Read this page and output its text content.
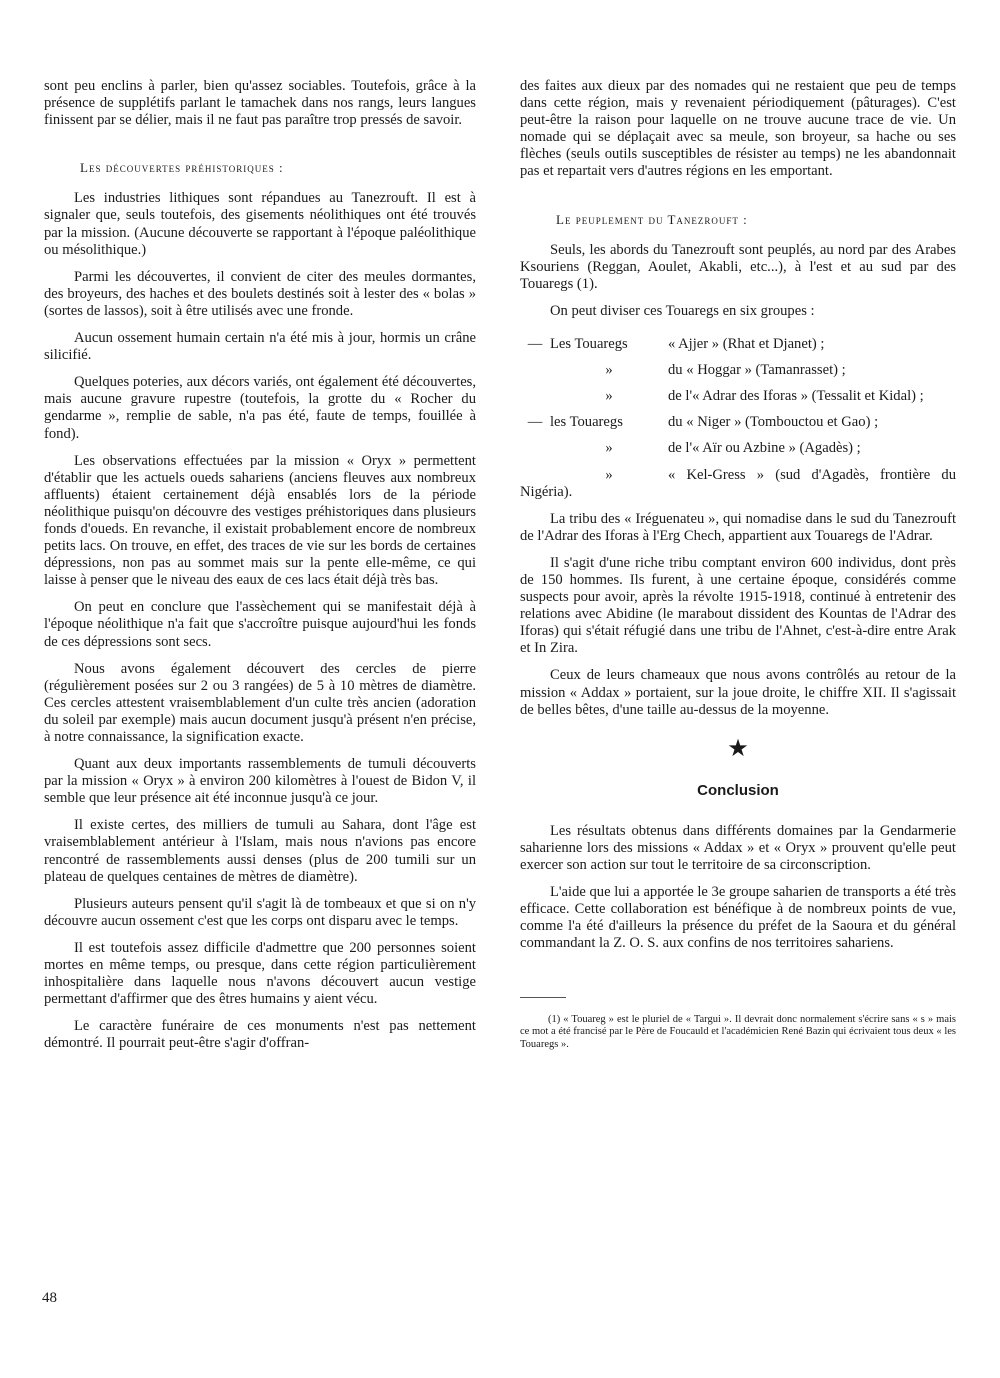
sont peu enclins à parler, bien qu'assez sociables. Toutefois, grâce à la présence de supplétifs parlant le tamachek dans nos rangs, leurs langues finissent par se délier, mais il ne faut pas paraître trop pressés de savoir.

Les découvertes préhistoriques :

Les industries lithiques sont répandues au Tanezrouft. Il est à signaler que, seuls toutefois, des gisements néolithiques ont été trouvés par la mission. (Aucune découverte se rapportant à l'époque paléolithique ou mésolithique.)

Parmi les découvertes, il convient de citer des meules dormantes, des broyeurs, des haches et des boulets destinés soit à lester des « bolas » (sortes de lassos), soit à être utilisés avec une fronde.

Aucun ossement humain certain n'a été mis à jour, hormis un crâne silicifié.

Quelques poteries, aux décors variés, ont également été découvertes, mais aucune gravure rupestre (toutefois, la grotte du « Rocher du gendarme », remplie de sable, n'a pas été, faute de temps, fouillée à fond).

Les observations effectuées par la mission « Oryx » permettent d'établir que les actuels oueds sahariens (anciens fleuves aux nombreux affluents) étaient certainement déjà ensablés lors de la période néolithique puisqu'on découvre des vestiges préhistoriques dans plusieurs fonds d'oueds. En revanche, il existait probablement encore de nombreux petits lacs. On trouve, en effet, des traces de vie sur les bords de certaines dépressions, non pas au sommet mais sur la pente elle-même, ce qui laisse à penser que le niveau des eaux de ces lacs était déjà très bas.

On peut en conclure que l'assèchement qui se manifestait déjà à l'époque néolithique n'a fait que s'accroître puisque aujourd'hui les fonds de ces dépressions sont secs.

Nous avons également découvert des cercles de pierre (régulièrement posées sur 2 ou 3 rangées) de 5 à 10 mètres de diamètre. Ces cercles attestent vraisemblablement d'un culte très ancien (adoration du soleil par exemple) mais aucun document jusqu'à présent n'en précise, à notre connaissance, la signification exacte.

Quant aux deux importants rassemblements de tumuli découverts par la mission « Oryx » à environ 200 kilomètres à l'ouest de Bidon V, il semble que leur présence ait été inconnue jusqu'à ce jour.

Il existe certes, des milliers de tumuli au Sahara, dont l'âge est vraisemblablement antérieur à l'Islam, mais nous n'avions pas encore rencontré de rassemblements aussi denses (plus de 200 tumili sur un plateau de quelques centaines de mètres de diamètre).

Plusieurs auteurs pensent qu'il s'agit là de tombeaux et que si on n'y découvre aucun ossement c'est que les corps ont disparu avec le temps.

Il est toutefois assez difficile d'admettre que 200 personnes soient mortes en même temps, ou presque, dans cette région particulièrement inhospitalière dans laquelle nous n'avons découvert aucun vestige permettant d'affirmer que des êtres humains y aient vécu.

Le caractère funéraire de ces monuments n'est pas nettement démontré. Il pourrait peut-être s'agir d'offran-

des faites aux dieux par des nomades qui ne restaient que peu de temps dans cette région, mais y revenaient périodiquement (pâturages). C'est peut-être la raison pour laquelle on ne trouve aucune trace de vie. Un nomade qui se déplaçait avec sa meule, son broyeur, sa hache ou ses flèches (seuls outils susceptibles de résister au temps) ne les abandonnait pas et repartait vers d'autres régions en les emportant.

Le peuplement du Tanezrouft :

Seuls, les abords du Tanezrouft sont peuplés, au nord par des Arabes Ksouriens (Reggan, Aoulet, Akabli, etc...), à l'est et au sud par des Touaregs (1).

On peut diviser ces Touaregs en six groupes :

— Les Touaregs	« Ajjer » (Rhat et Djanet) ;
»	du « Hoggar » (Tamanrasset) ;
»	de l'« Adrar des Iforas » (Tessalit et Kidal) ;
— les Touaregs	du « Niger » (Tombouctou et Gao) ;
»	de l'« Aïr ou Azbine » (Agadès) ;
»	« Kel-Gress » (sud d'Agadès, frontière du Nigéria).

La tribu des « Iréguenateu », qui nomadise dans le sud du Tanezrouft de l'Adrar des Iforas à l'Erg Chech, appartient aux Touaregs de l'Adrar.

Il s'agit d'une riche tribu comptant environ 600 individus, dont près de 150 hommes. Ils furent, à une certaine époque, considérés comme suspects pour avoir, après la révolte 1915-1918, continué à entretenir des relations avec Abidine (le marabout dissident des Kountas de l'Adrar des Iforas) qui s'était réfugié dans une tribu de l'Ahnet, c'est-à-dire entre Arak et In Zira.

Ceux de leurs chameaux que nous avons contrôlés au retour de la mission « Addax » portaient, sur la joue droite, le chiffre XII. Il s'agissait de belles bêtes, d'une taille au-dessus de la moyenne.

★
Conclusion

Les résultats obtenus dans différents domaines par la Gendarmerie saharienne lors des missions « Addax » et « Oryx » prouvent qu'elle peut exercer son action sur tout le territoire de sa circonscription.

L'aide que lui a apportée le 3e groupe saharien de transports a été très efficace. Cette collaboration est bénéfique à de nombreux points de vue, comme l'a été d'ailleurs la présence du préfet de la Saoura et du général commandant la Z. O. S. aux confins de nos territoires sahariens.

(1) « Touareg » est le pluriel de « Targui ». Il devrait donc normalement s'écrire sans « s » mais ce mot a été francisé par le Père de Foucauld et l'académicien René Bazin qui écrivaient tous deux « les Touaregs ».
48
